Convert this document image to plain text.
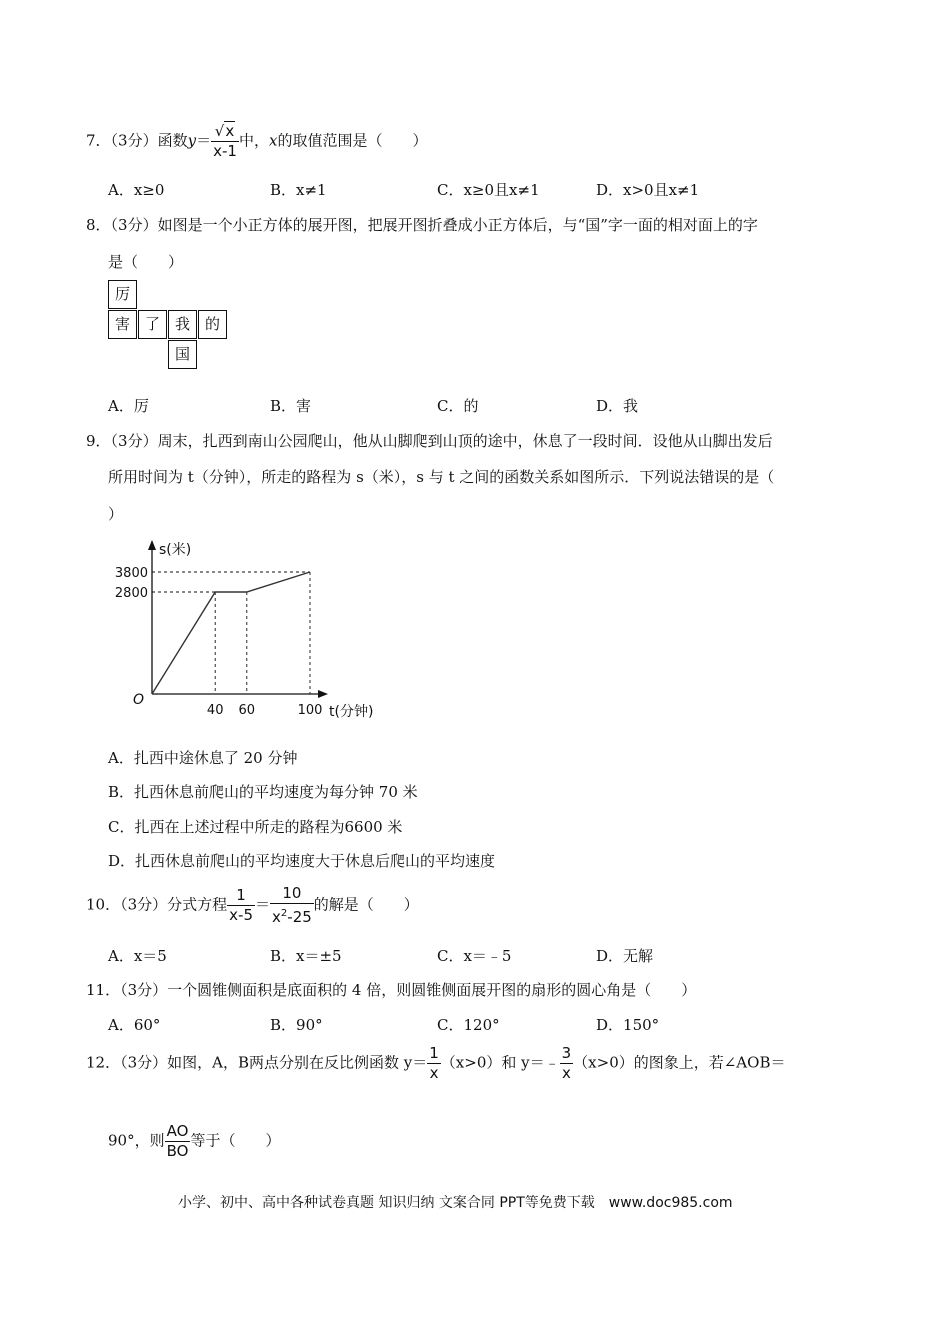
7．（3分）函数$y= \frac{√x}{x-1}$ 中，x的取值范围是（　　）
A．x≥0	B．x≠1	C．x≥0且x≠1	D．x>0且x≠1
8．（3分）如图是一个小正方体的展开图，把展开图折叠成小正方体后，与“国”字一面的相对面上的字
是（　　）
厉
害 了 我 的
国
A．厉	B．害	C．的	D．我
9．（3分）周末，扎西到南山公园爬山，他从山脚爬到山顶的途中，休息了一段时间．设他从山脚出发后
所用时间为 t（分钟），所走的路程为 s（米），s 与 t 之间的函数关系如图所示．下列说法错误的是（
）
s(米)
t(分钟)
O
3800
2800
40 60	100
A．扎西中途休息了 20 分钟
B．扎西休息前爬山的平均速度为每分钟 70 米
C．扎西在上述过程中所走的路程为6600 米
D．扎西休息前爬山的平均速度大于休息后爬山的平均速度
10．（3分）分式方程 $\frac{1}{x-5} = \frac{10}{x^2-25}$ 的解是（　　）
A．x＝5	B．x＝±5	C．x＝﹣5	D．无解
11．（3分）一个圆锥侧面积是底面积的 4 倍，则圆锥侧面展开图的扇形的圆心角是（　　）
A．60°	B．90°	C．120°	D．150°
12．（3分）如图，A，B两点分别在反比例函数 $y= \frac{1}{x} (x>0)$和 y＝﹣ $\frac{3}{x} (x>0)$的图象上，若∠AOB＝
90°，则 $\frac{AO}{BO}$ 等于（　　）
小学、初中、高中各种试卷真题 知识归纳 文案合同 PPT等免费下载　www.doc985.com
